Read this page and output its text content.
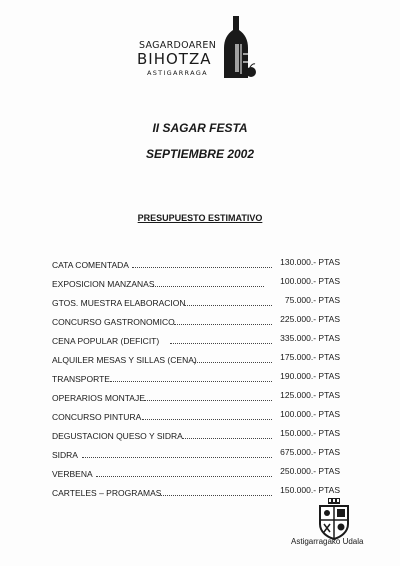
SAGARDOAREN
BIHOTZA
ASTIGARRAGA
II SAGAR FESTA
SEPTIEMBRE 2002
PRESUPUESTO ESTIMATIVO
CATA COMENTADA	130.000.- PTAS
EXPOSICION MANZANAS	100.000.- PTAS
GTOS. MUESTRA ELABORACION	75.000.- PTAS
CONCURSO GASTRONOMICO	225.000.- PTAS
CENA POPULAR (DEFICIT)	335.000.- PTAS
ALQUILER MESAS Y SILLAS (CENA)	175.000.- PTAS
TRANSPORTE	190.000.- PTAS
OPERARIOS MONTAJE	125.000.- PTAS
CONCURSO PINTURA	100.000.- PTAS
DEGUSTACION QUESO Y SIDRA	150.000.- PTAS
SIDRA	675.000.- PTAS
VERBENA	250.000.- PTAS
CARTELES – PROGRAMAS	150.000.- PTAS
Astigarragako Udala
